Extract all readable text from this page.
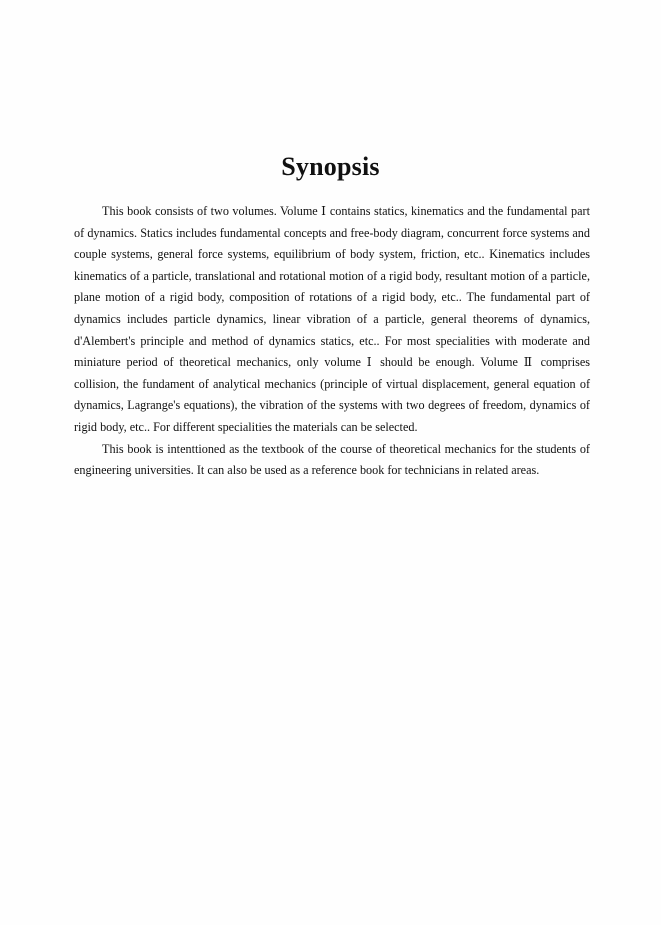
Synopsis

This book consists of two volumes. Volume Ⅰ contains statics, kinematics and the fundamental part of dynamics. Statics includes fundamental concepts and free-body diagram, concurrent force systems and couple systems, general force systems, equilibrium of body system, friction, etc.. Kinematics includes kinematics of a particle, translational and rotational motion of a rigid body, resultant motion of a particle, plane motion of a rigid body, composition of rotations of a rigid body, etc.. The fundamental part of dynamics includes particle dynamics, linear vibration of a particle, general theorems of dynamics, d'Alembert's principle and method of dynamics statics, etc.. For most specialities with moderate and miniature period of theoretical mechanics, only volume Ⅰ should be enough. Volume Ⅱ comprises collision, the fundament of analytical mechanics (principle of virtual displacement, general equation of dynamics, Lagrange's equations), the vibration of the systems with two degrees of freedom, dynamics of rigid body, etc.. For different specialities the materials can be selected.

This book is intenttioned as the textbook of the course of theoretical mechanics for the students of engineering universities. It can also be used as a reference book for technicians in related areas.
